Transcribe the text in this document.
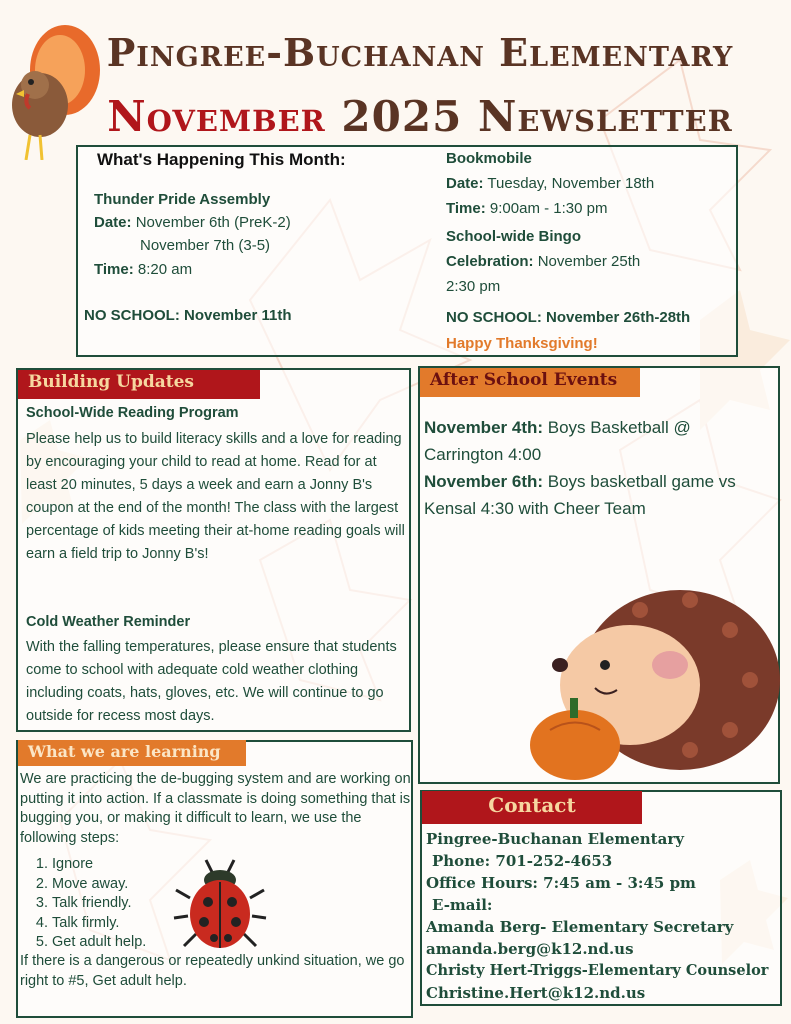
Pingree-Buchanan Elementary
November 2025 Newsletter
What's Happening This Month:
Thunder Pride Assembly
Date: November 6th (PreK-2)
November 7th (3-5)
Time: 8:20 am
NO SCHOOL: November 11th
Bookmobile
Date: Tuesday, November 18th
Time: 9:00am - 1:30 pm
School-wide Bingo
Celebration: November 25th
2:30 pm
NO SCHOOL: November 26th-28th Happy Thanksgiving!
Building Updates
School-Wide Reading Program
Please help us to build literacy skills and a love for reading by encouraging your child to read at home. Read for at least 20 minutes, 5 days a week and earn a Jonny B's coupon at the end of the month! The class with the largest percentage of kids meeting their at-home reading goals will earn a field trip to Jonny B's!
Cold Weather Reminder
With the falling temperatures, please ensure that students come to school with adequate cold weather clothing including coats, hats, gloves, etc. We will continue to go outside for recess most days.
After School Events
November 4th: Boys Basketball @ Carrington 4:00
November 6th: Boys basketball game vs Kensal 4:30 with Cheer Team
What we are learning
We are practicing the de-bugging system and are working on putting it into action. If a classmate is doing something that is bugging you, or making it difficult to learn, we use the following steps:
1. Ignore
2. Move away.
3. Talk friendly.
4. Talk firmly.
5. Get adult help.
If there is a dangerous or repeatedly unkind situation, we go right to #5, Get adult help.
Contact
Pingree-Buchanan Elementary
Phone: 701-252-4653
Office Hours: 7:45 am - 3:45 pm
E-mail:
Amanda Berg- Elementary Secretary
amanda.berg@k12.nd.us
Christy Hert-Triggs-Elementary Counselor
Christine.Hert@k12.nd.us
